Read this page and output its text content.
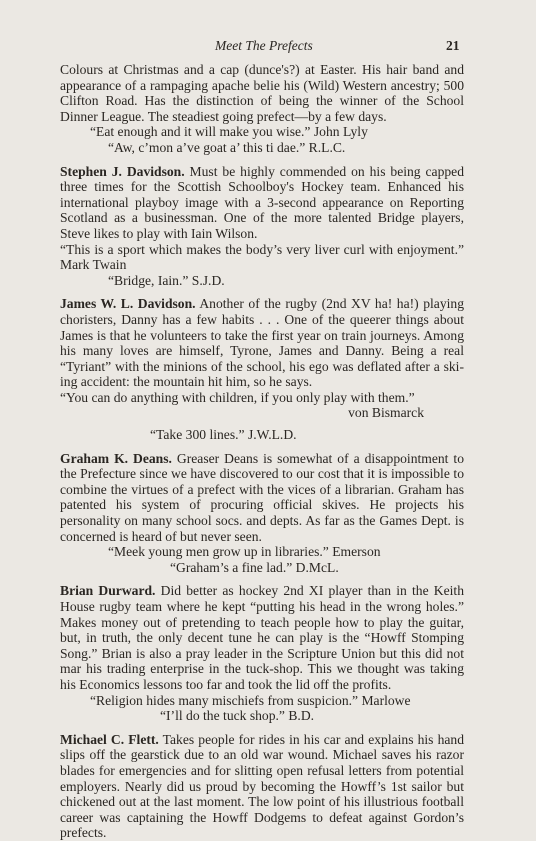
Meet The Prefects	21

Colours at Christmas and a cap (dunce's?) at Easter. His hair band and appearance of a rampaging apache belie his (Wild) Western ancestry; 500 Clifton Road. Has the distinction of being the winner of the School Dinner League. The steadiest going prefect—by a few days.

“Eat enough and it will make you wise.” John Lyly

“Aw, c’mon a’ve goat a’ this ti dae.” R.L.C.

Stephen J. Davidson. Must be highly commended on his being capped three times for the Scottish Schoolboy's Hockey team. Enhanced his international playboy image with a 3-second appearance on Reporting Scotland as a businessman. One of the more talented Bridge players, Steve likes to play with Iain Wilson.

“This is a sport which makes the body’s very liver curl with enjoyment.” Mark Twain

“Bridge, Iain.” S.J.D.

James W. L. Davidson. Another of the rugby (2nd XV ha! ha!) playing choristers, Danny has a few habits . . . One of the queerer things about James is that he volunteers to take the first year on train journeys. Among his many loves are himself, Tyrone, James and Danny. Being a real “Tyriant” with the minions of the school, his ego was deflated after a ski-ing accident: the mountain hit him, so he says.

“You can do anything with children, if you only play with them.”

von Bismarck

“Take 300 lines.” J.W.L.D.

Graham K. Deans. Greaser Deans is somewhat of a disappointment to the Prefecture since we have discovered to our cost that it is impossible to combine the virtues of a prefect with the vices of a librarian. Graham has patented his system of procuring official skives. He projects his personality on many school socs. and depts. As far as the Games Dept. is concerned is heard of but never seen.

“Meek young men grow up in libraries.” Emerson

“Graham’s a fine lad.” D.McL.

Brian Durward. Did better as hockey 2nd XI player than in the Keith House rugby team where he kept “putting his head in the wrong holes.” Makes money out of pretending to teach people how to play the guitar, but, in truth, the only decent tune he can play is the “Howff Stomping Song.” Brian is also a pray leader in the Scripture Union but this did not mar his trading enterprise in the tuck-shop. This we thought was taking his Economics lessons too far and took the lid off the profits.

“Religion hides many mischiefs from suspicion.” Marlowe

“I’ll do the tuck shop.” B.D.

Michael C. Flett. Takes people for rides in his car and explains his hand slips off the gearstick due to an old war wound. Michael saves his razor blades for emergencies and for slitting open refusal letters from potential employers. Nearly did us proud by becoming the Howff’s 1st sailor but chickened out at the last moment. The low point of his illustrious football career was captaining the Howff Dodgems to defeat against Gordon’s prefects.
